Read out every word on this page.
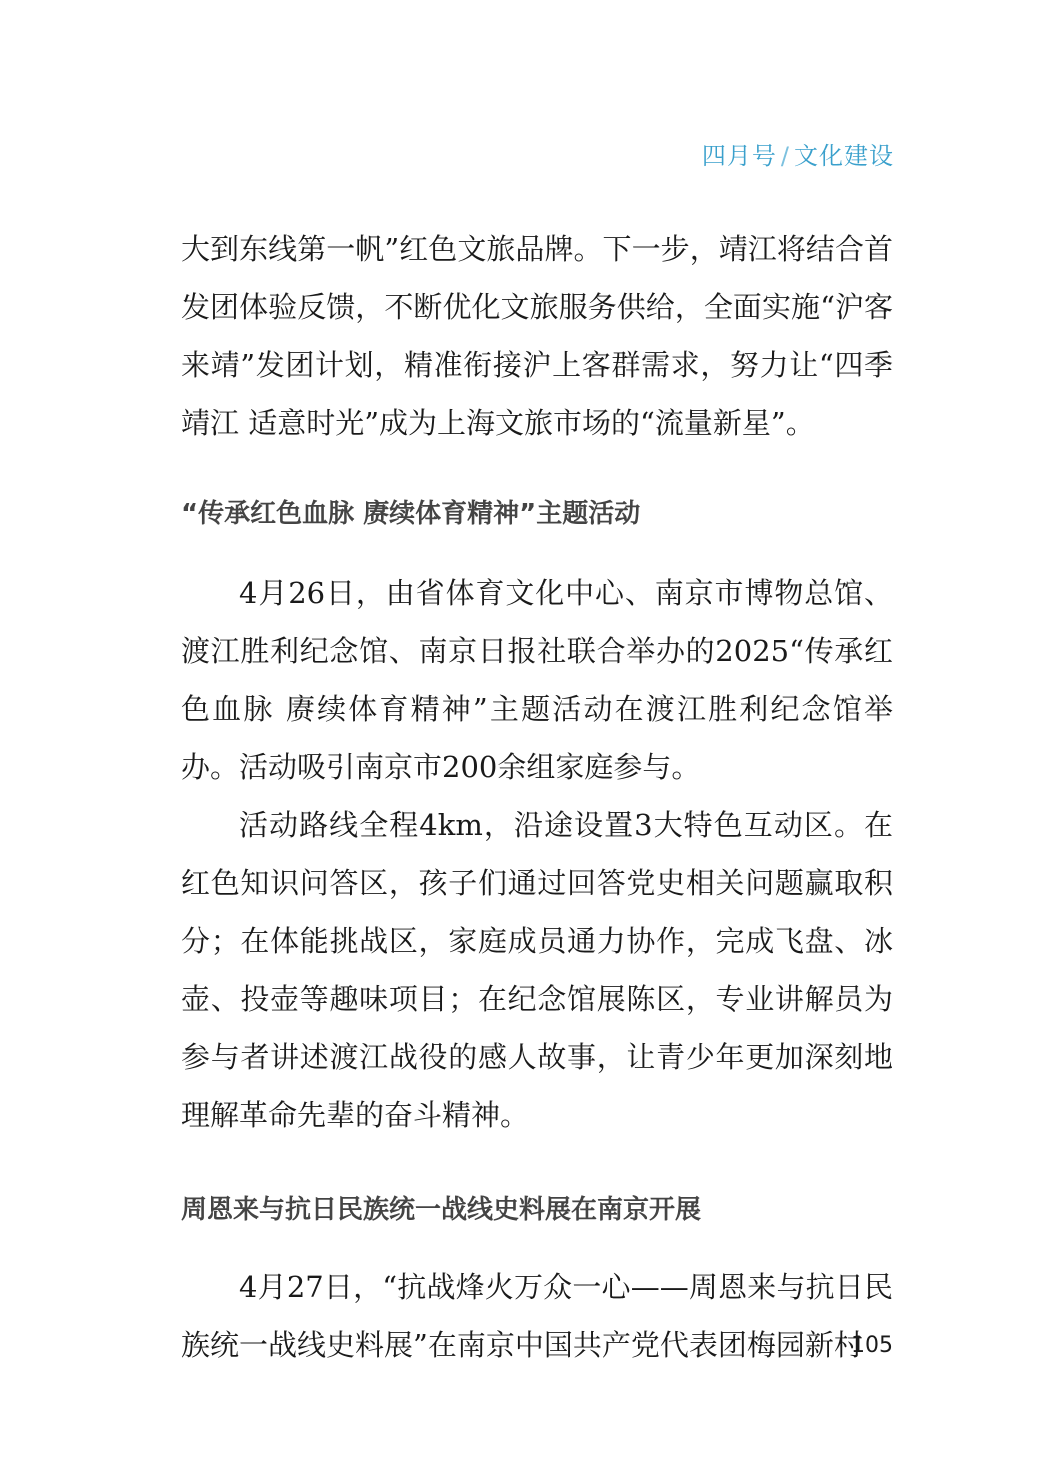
四月号 / 文化建设

大到东线第一帆”红色文旅品牌。下一步，靖江将结合首发团体验反馈，不断优化文旅服务供给，全面实施“沪客来靖”发团计划，精准衔接沪上客群需求，努力让“四季靖江 适意时光”成为上海文旅市场的“流量新星”。

“传承红色血脉 赓续体育精神”主题活动

4月26日，由省体育文化中心、南京市博物总馆、渡江胜利纪念馆、南京日报社联合举办的2025“传承红色血脉 赓续体育精神”主题活动在渡江胜利纪念馆举办。活动吸引南京市200余组家庭参与。

活动路线全程4km，沿途设置3大特色互动区。在红色知识问答区，孩子们通过回答党史相关问题赢取积分；在体能挑战区，家庭成员通力协作，完成飞盘、冰壶、投壶等趣味项目；在纪念馆展陈区，专业讲解员为参与者讲述渡江战役的感人故事，让青少年更加深刻地理解革命先辈的奋斗精神。

周恩来与抗日民族统一战线史料展在南京开展

4月27日，“抗战烽火万众一心——周恩来与抗日民族统一战线史料展”在南京中国共产党代表团梅园新村

105
